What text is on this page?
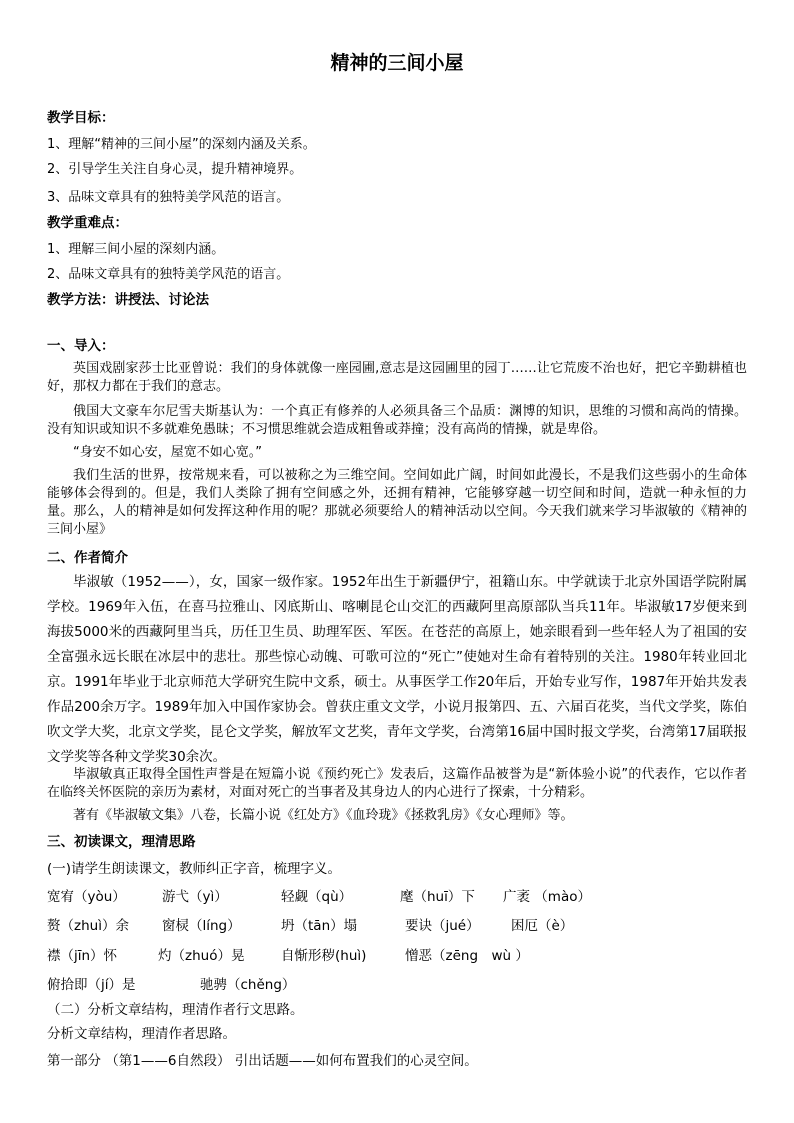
精神的三间小屋
教学目标：
1、理解“精神的三间小屋”的深刻内涵及关系。
2、引导学生关注自身心灵，提升精神境界。
3、品味文章具有的独特美学风范的语言。
教学重难点：
1、理解三间小屋的深刻内涵。
2、品味文章具有的独特美学风范的语言。
教学方法：讲授法、讨论法
一、导入：
英国戏剧家莎士比亚曾说：我们的身体就像一座园圃,意志是这园圃里的园丁……让它荒废不治也好，把它辛勤耕植也好，那权力都在于我们的意志。
俄国大文豪车尔尼雪夫斯基认为：一个真正有修养的人必须具备三个品质：渊博的知识，思维的习惯和高尚的情操。没有知识或知识不多就难免愚昧；不习惯思维就会造成粗鲁或莽撞；没有高尚的情操，就是卑俗。
“身安不如心安，屋宽不如心宽。”
我们生活的世界，按常规来看，可以被称之为三维空间。空间如此广阔，时间如此漫长，不是我们这些弱小的生命体能够体会得到的。但是，我们人类除了拥有空间感之外，还拥有精神，它能够穿越一切空间和时间，造就一种永恒的力量。那么，人的精神是如何发挥这种作用的呢？那就必须要给人的精神活动以空间。今天我们就来学习毕淑敏的《精神的三间小屋》
二、作者简介
毕淑敏（1952——），女，国家一级作家。1952年出生于新疆伊宁，祖籍山东。中学就读于北京外国语学院附属学校。1969年入伍，在喜马拉雅山、冈底斯山、喀喇昆仑山交汇的西藏阿里高原部队当兵11年。毕淑敏17岁便来到海拔5000米的西藏阿里当兵，历任卫生员、助理军医、军医。在苍茫的高原上，她亲眼看到一些年轻人为了祖国的安全富强永远长眠在冰层中的悲壮。那些惊心动魄、可歌可泣的“死亡”使她对生命有着特别的关注。1980年转业回北京。1991年毕业于北京师范大学研究生院中文系，硕士。从事医学工作20年后，开始专业写作，1987年开始共发表作品200余万字。1989年加入中国作家协会。曾获庄重文文学，小说月报第四、五、六届百花奖，当代文学奖，陈伯吹文学大奖，北京文学奖，昆仑文学奖，解放军文艺奖，青年文学奖，台湾第16届中国时报文学奖，台湾第17届联报文学奖等各种文学奖30余次。
毕淑敏真正取得全国性声誉是在短篇小说《预约死亡》发表后，这篇作品被誉为是“新体验小说”的代表作，它以作者在临终关怀医院的亲历为素材，对面对死亡的当事者及其身边人的内心进行了探索，十分精彩。
著有《毕淑敏文集》八卷，长篇小说《红处方》《血玲珑》《拯救乳房》《女心理师》等。
三、初读课文，理清思路
(一)请学生朗读课文，教师纠正字音，梳理字义。
宽宥（yòu）	游弋（yì）	轻觑（qù）	麾（huī）下 广袤 （mào）
赘（zhuì）余 窗棂（líng）	坍（tān）塌	要诀（jué） 困厄（è）
襟（jīn）怀	灼（zhuó）晃	自惭形秽(huì)	憎恶（zēng　wù ）
俯拾即（jí）是	驰骋（chěng）
（二）分析文章结构，理清作者行文思路。
分析文章结构，理清作者思路。
第一部分 （第1——6自然段） 引出话题——如何布置我们的心灵空间。
